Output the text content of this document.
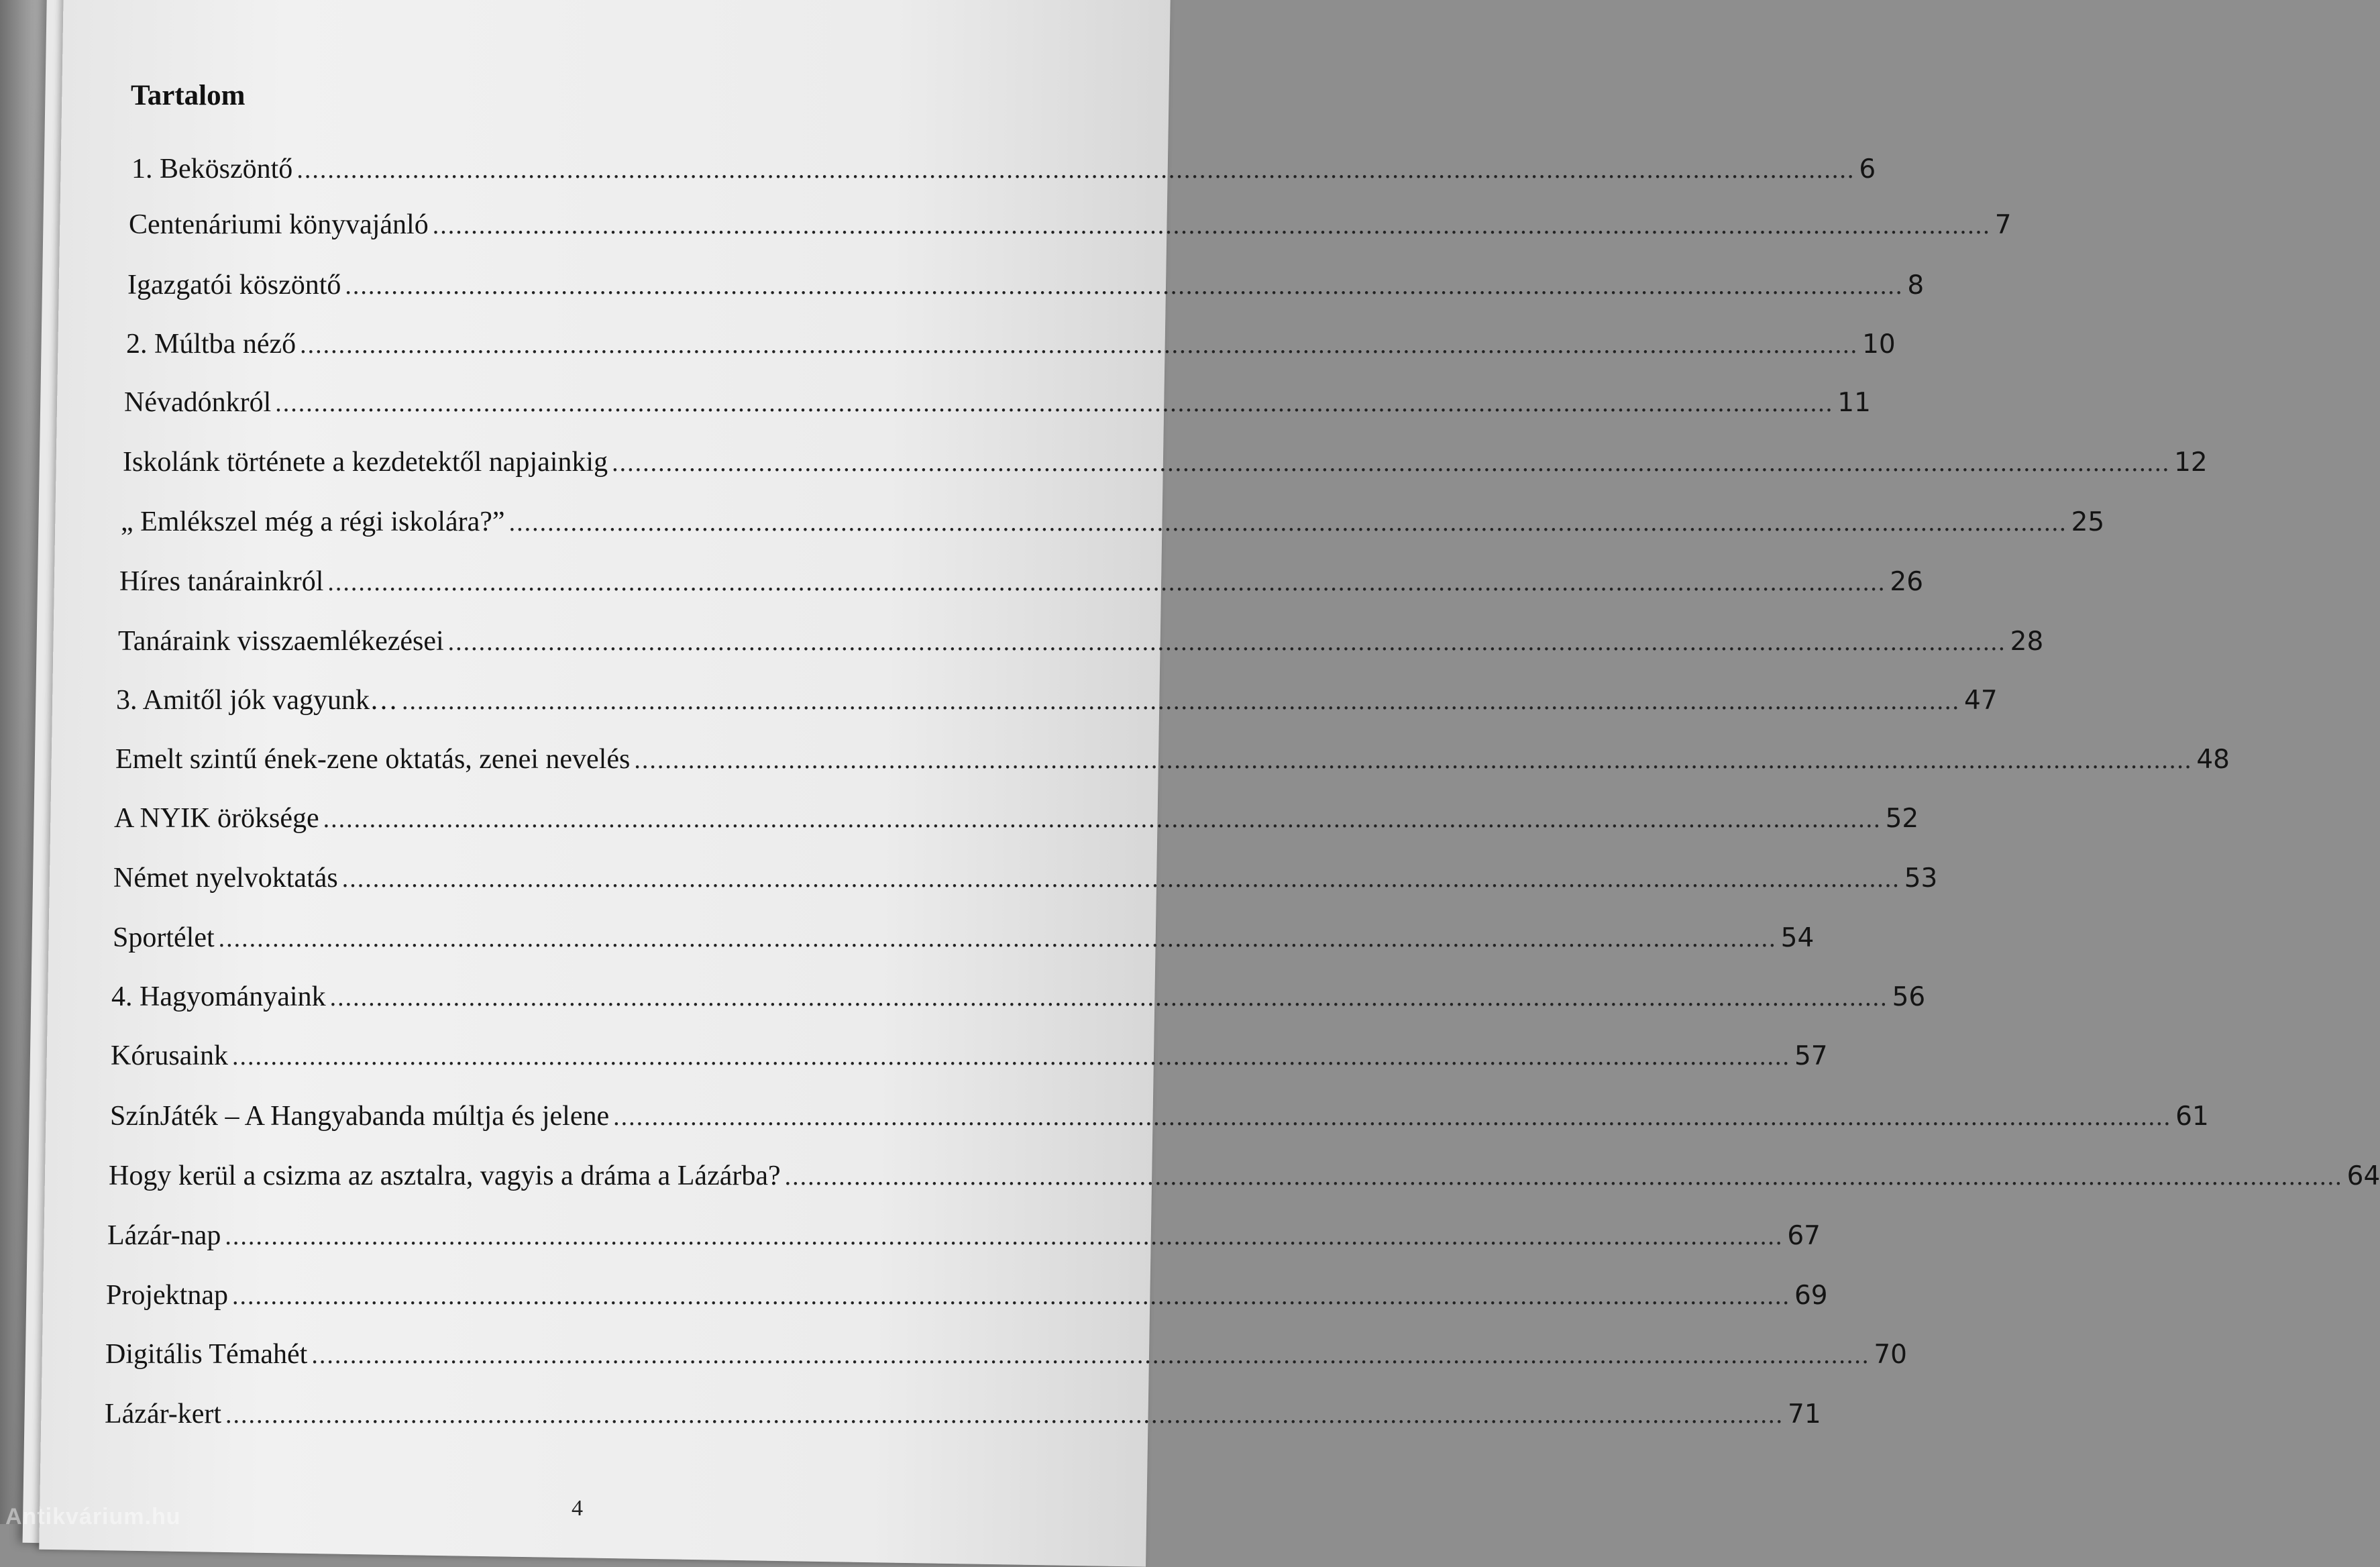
Tartalom
1. Beköszöntő .......................................................................................................................................................................................................... 6
Centenáriumi könyvajánló .......................................................................................................................................................................................................... 7
Igazgatói köszöntő .......................................................................................................................................................................................................... 8
2. Múltba néző .......................................................................................................................................................................................................... 10
Névadónkról .......................................................................................................................................................................................................... 11
Iskolánk története a kezdetektől napjainkig .......................................................................................................................................................................................................... 12
„ Emlékszel még a régi iskolára?” .......................................................................................................................................................................................................... 25
Híres tanárainkról .......................................................................................................................................................................................................... 26
Tanáraink visszaemlékezései .......................................................................................................................................................................................................... 28
3. Amitől jók vagyunk… .......................................................................................................................................................................................................... 47
Emelt szintű ének-zene oktatás, zenei nevelés .......................................................................................................................................................................................................... 48
A NYIK öröksége .......................................................................................................................................................................................................... 52
Német nyelvoktatás .......................................................................................................................................................................................................... 53
Sportélet .......................................................................................................................................................................................................... 54
4. Hagyományaink .......................................................................................................................................................................................................... 56
Kórusaink .......................................................................................................................................................................................................... 57
SzínJáték – A Hangyabanda múltja és jelene .......................................................................................................................................................................................................... 61
Hogy kerül a csizma az asztalra, vagyis a dráma a Lázárba? .......................................................................................................................................................................................................... 64
Lázár-nap .......................................................................................................................................................................................................... 67
Projektnap .......................................................................................................................................................................................................... 69
Digitális Témahét .......................................................................................................................................................................................................... 70
Lázár-kert .......................................................................................................................................................................................................... 71
4
Antikvárium.hu
